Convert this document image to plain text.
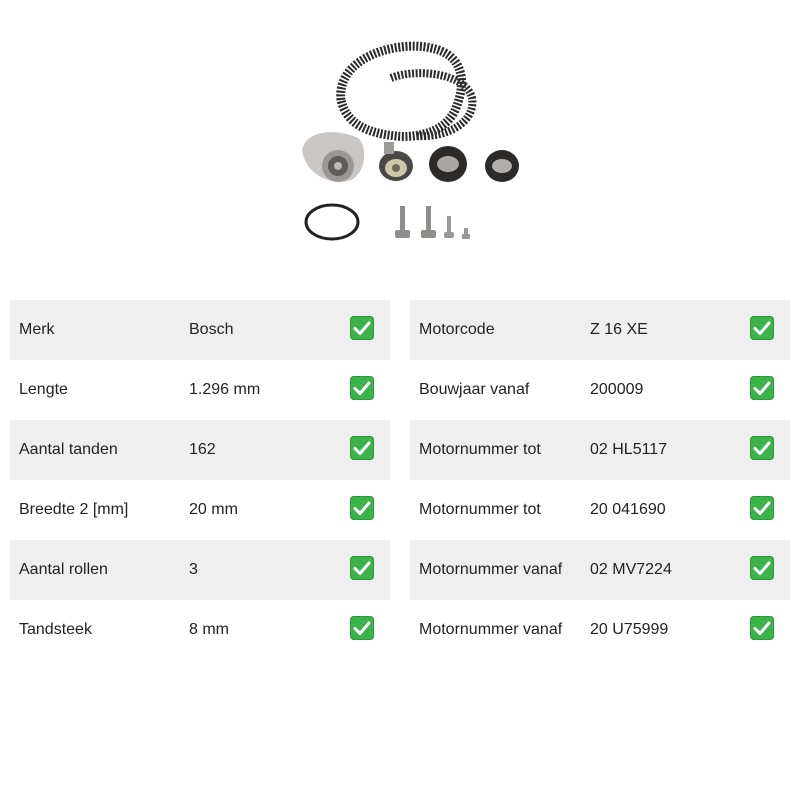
Merk	Bosch
Lengte	1.296 mm
Aantal tanden	162
Breedte 2 [mm]	20 mm
Aantal rollen	3
Tandsteek	8 mm
Motorcode	Z 16 XE
Bouwjaar vanaf	200009
Motornummer tot	02 HL5117
Motornummer tot	20 041690
Motornummer vanaf 02 MV7224
Motornummer vanaf 20 U75999
